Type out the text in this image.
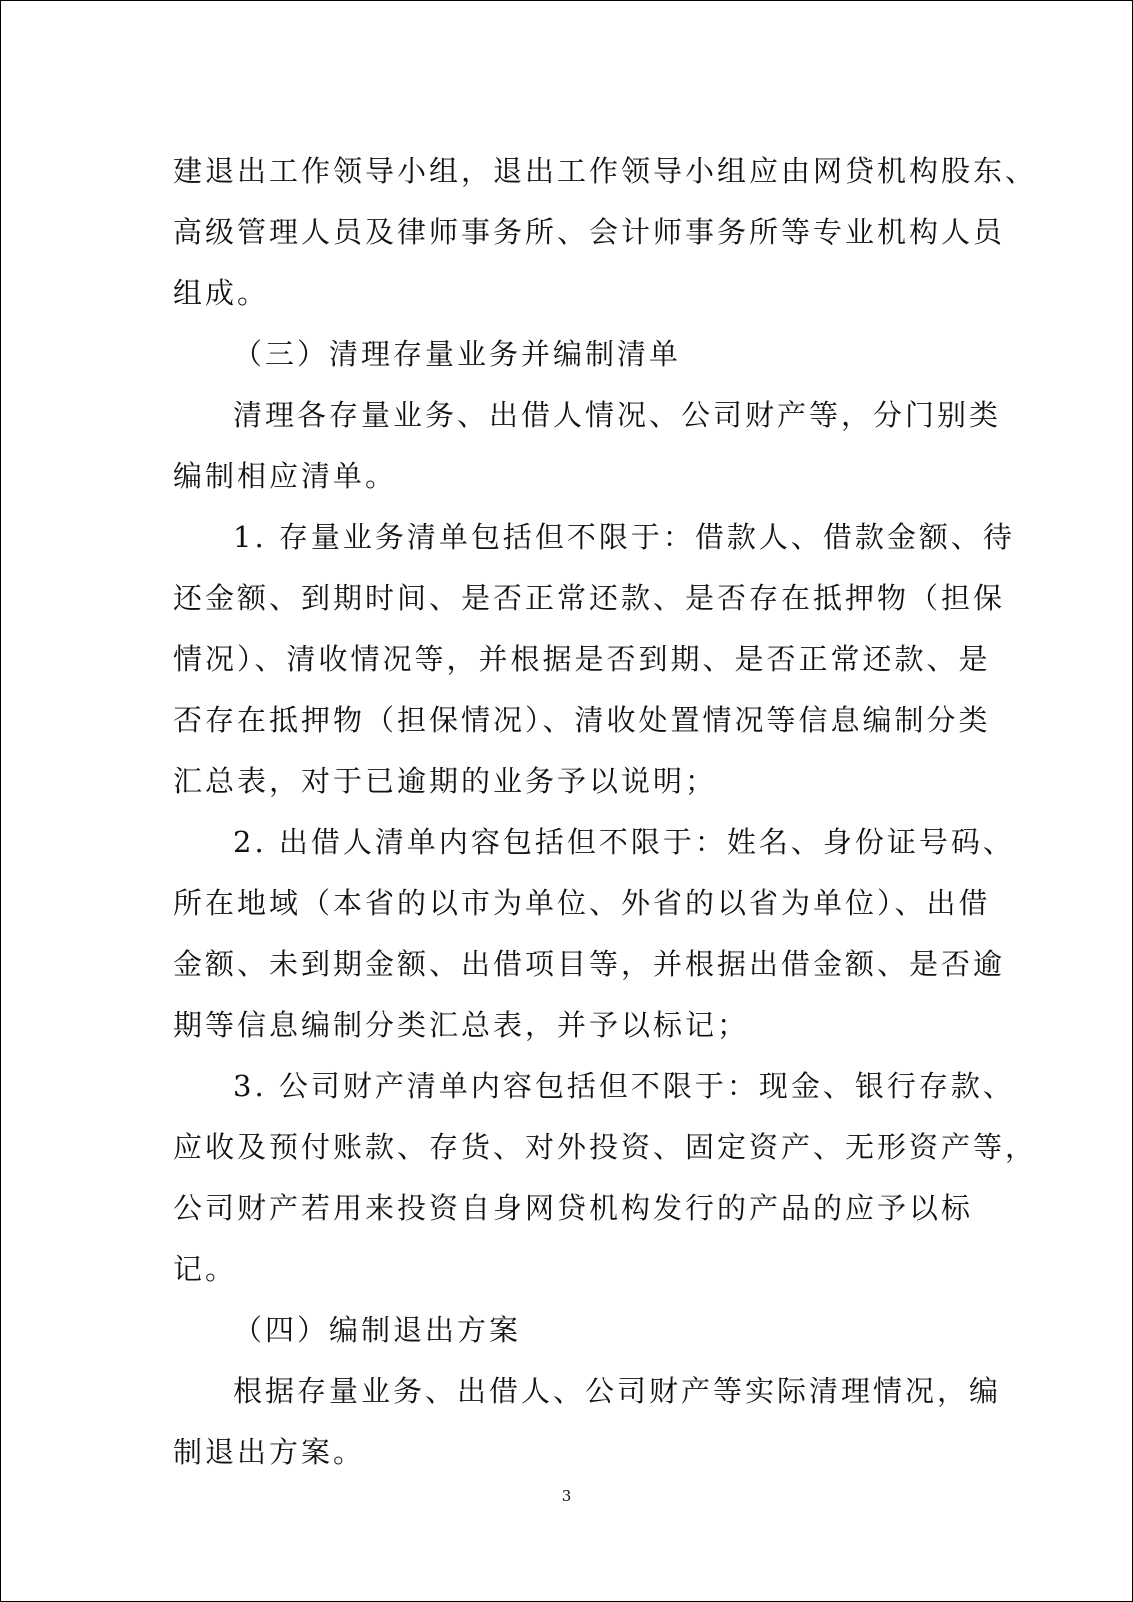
建退出工作领导小组，退出工作领导小组应由网贷机构股东、
高级管理人员及律师事务所、会计师事务所等专业机构人员
组成。
（三）清理存量业务并编制清单
清理各存量业务、出借人情况、公司财产等，分门别类
编制相应清单。
1. 存量业务清单包括但不限于：借款人、借款金额、待
还金额、到期时间、是否正常还款、是否存在抵押物（担保
情况）、清收情况等，并根据是否到期、是否正常还款、是
否存在抵押物（担保情况）、清收处置情况等信息编制分类
汇总表，对于已逾期的业务予以说明；
2. 出借人清单内容包括但不限于：姓名、身份证号码、
所在地域（本省的以市为单位、外省的以省为单位）、出借
金额、未到期金额、出借项目等，并根据出借金额、是否逾
期等信息编制分类汇总表，并予以标记；
3. 公司财产清单内容包括但不限于：现金、银行存款、
应收及预付账款、存货、对外投资、固定资产、无形资产等，
公司财产若用来投资自身网贷机构发行的产品的应予以标
记。
（四）编制退出方案
根据存量业务、出借人、公司财产等实际清理情况，编
制退出方案。
3
